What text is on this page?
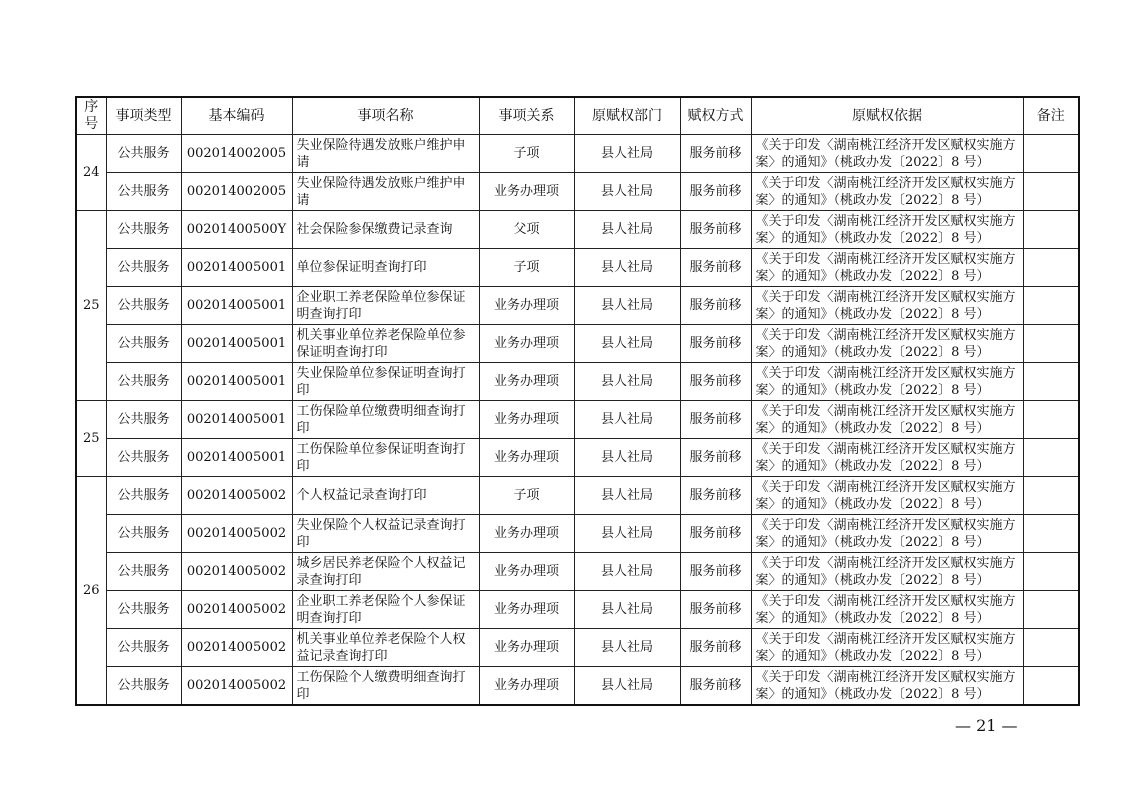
序号	事项类型	基本编码	事项名称	事项关系	原赋权部门	赋权方式	原赋权依据	备注
24	公共服务	002014002005	失业保险待遇发放账户维护申请	子项	县人社局	服务前移	《关于印发〈湖南桃江经济开发区赋权实施方案〉的通知》（桃政办发〔2022〕8 号）	
	公共服务	002014002005	失业保险待遇发放账户维护申请	业务办理项	县人社局	服务前移	《关于印发〈湖南桃江经济开发区赋权实施方案〉的通知》（桃政办发〔2022〕8 号）	
25	公共服务	00201400500Y	社会保险参保缴费记录查询	父项	县人社局	服务前移	《关于印发〈湖南桃江经济开发区赋权实施方案〉的通知》（桃政办发〔2022〕8 号）	
	公共服务	002014005001	单位参保证明查询打印	子项	县人社局	服务前移	《关于印发〈湖南桃江经济开发区赋权实施方案〉的通知》（桃政办发〔2022〕8 号）	
	公共服务	002014005001	企业职工养老保险单位参保证明查询打印	业务办理项	县人社局	服务前移	《关于印发〈湖南桃江经济开发区赋权实施方案〉的通知》（桃政办发〔2022〕8 号）	
	公共服务	002014005001	机关事业单位养老保险单位参保证明查询打印	业务办理项	县人社局	服务前移	《关于印发〈湖南桃江经济开发区赋权实施方案〉的通知》（桃政办发〔2022〕8 号）	
	公共服务	002014005001	失业保险单位参保证明查询打印	业务办理项	县人社局	服务前移	《关于印发〈湖南桃江经济开发区赋权实施方案〉的通知》（桃政办发〔2022〕8 号）	
25	公共服务	002014005001	工伤保险单位缴费明细查询打印	业务办理项	县人社局	服务前移	《关于印发〈湖南桃江经济开发区赋权实施方案〉的通知》（桃政办发〔2022〕8 号）	
	公共服务	002014005001	工伤保险单位参保证明查询打印	业务办理项	县人社局	服务前移	《关于印发〈湖南桃江经济开发区赋权实施方案〉的通知》（桃政办发〔2022〕8 号）	
26	公共服务	002014005002	个人权益记录查询打印	子项	县人社局	服务前移	《关于印发〈湖南桃江经济开发区赋权实施方案〉的通知》（桃政办发〔2022〕8 号）	
	公共服务	002014005002	失业保险个人权益记录查询打印	业务办理项	县人社局	服务前移	《关于印发〈湖南桃江经济开发区赋权实施方案〉的通知》（桃政办发〔2022〕8 号）	
	公共服务	002014005002	城乡居民养老保险个人权益记录查询打印	业务办理项	县人社局	服务前移	《关于印发〈湖南桃江经济开发区赋权实施方案〉的通知》（桃政办发〔2022〕8 号）	
	公共服务	002014005002	企业职工养老保险个人参保证明查询打印	业务办理项	县人社局	服务前移	《关于印发〈湖南桃江经济开发区赋权实施方案〉的通知》（桃政办发〔2022〕8 号）	
	公共服务	002014005002	机关事业单位养老保险个人权益记录查询打印	业务办理项	县人社局	服务前移	《关于印发〈湖南桃江经济开发区赋权实施方案〉的通知》（桃政办发〔2022〕8 号）	
	公共服务	002014005002	工伤保险个人缴费明细查询打印	业务办理项	县人社局	服务前移	《关于印发〈湖南桃江经济开发区赋权实施方案〉的通知》（桃政办发〔2022〕8 号）	
— 21 —
